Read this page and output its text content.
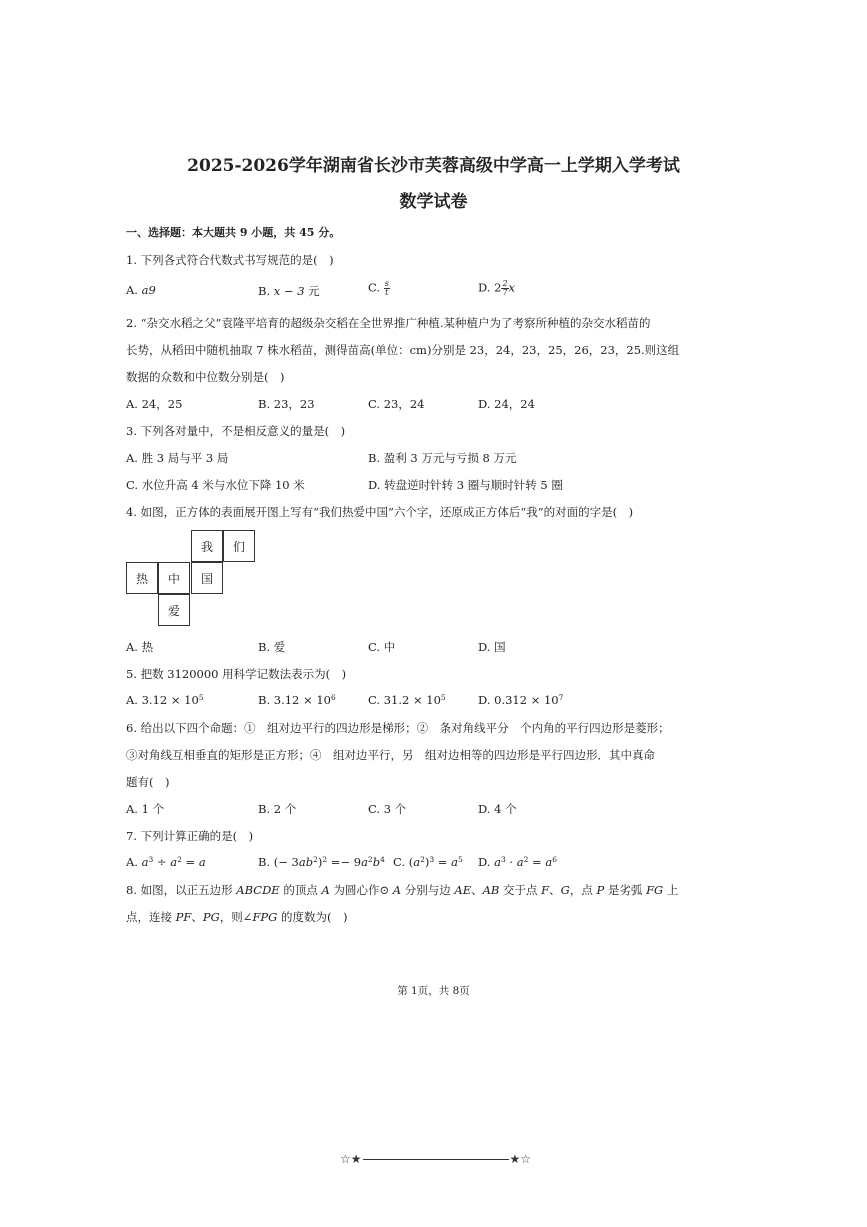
2025-2026学年湖南省长沙市芙蓉高级中学高一上学期入学考试
数学试卷
一、选择题：本大题共 9 小题，共 45 分。
1. 下列各式符合代数式书写规范的是(　)
A. a9	B. x − 3 元	C. $\frac{s}{t}$	D. $2 \frac{2}{7}$ x
2. “杂交水稻之父”袁隆平培育的超级杂交稻在全世界推广种植.某种植户为了考察所种植的杂交水稻苗的
长势，从稻田中随机抽取 7 株水稻苗，测得苗高(单位：cm)分别是 23，24，23，25，26，23，25.则这组
数据的众数和中位数分别是(　)
A. 24，25	B. 23，23	C. 23，24	D. 24，24
3. 下列各对量中，不是相反意义的量是(　)
A. 胜 3 局与平 3 局	B. 盈利 3 万元与亏损 8 万元
C. 水位升高 4 米与水位下降 10 米	D. 转盘逆时针转 3 圈与顺时针转 5 圈
4. 如图，正方体的表面展开图上写有“我们热爱中国”六个字，还原成正方体后“我”的对面的字是(　)
我	们
热	中	国
爱
A. 热	B. 爱	C. 中	D. 国
5. 把数 3120000 用科学记数法表示为(　)
A. $3.12 \times 10^5$	B. $3.12 \times 10^6$	C. $31.2 \times 10^5$	D. $0.312 \times 10^7$
6. 给出以下四个命题：①　组对边平行的四边形是梯形；②　条对角线平分　个内角的平行四边形是菱形；
③对角线互相垂直的矩形是正方形；④　组对边平行，另　组对边相等的四边形是平行四边形．其中真命
题有(　)
A. 1 个	B. 2 个	C. 3 个	D. 4 个
7. 下列计算正确的是(　)
A. $a^3 \div a^2 = a$	B. (− $3ab^2)^2 =- 9a^2b^4$ C. $(a^2)^3 = a^5$ D. $a^3 \cdot a^2 = a^6$
8. 如图，以正五边形 ABCDE 的顶点 A 为圆心作⊙ A 分别与边 AE、AB 交于点 F、G，点 P 是劣弧 FG 上
点，连接 PF、PG，则∠FPG 的度数为(　)
第 1页，共 8页
☆★	★☆
